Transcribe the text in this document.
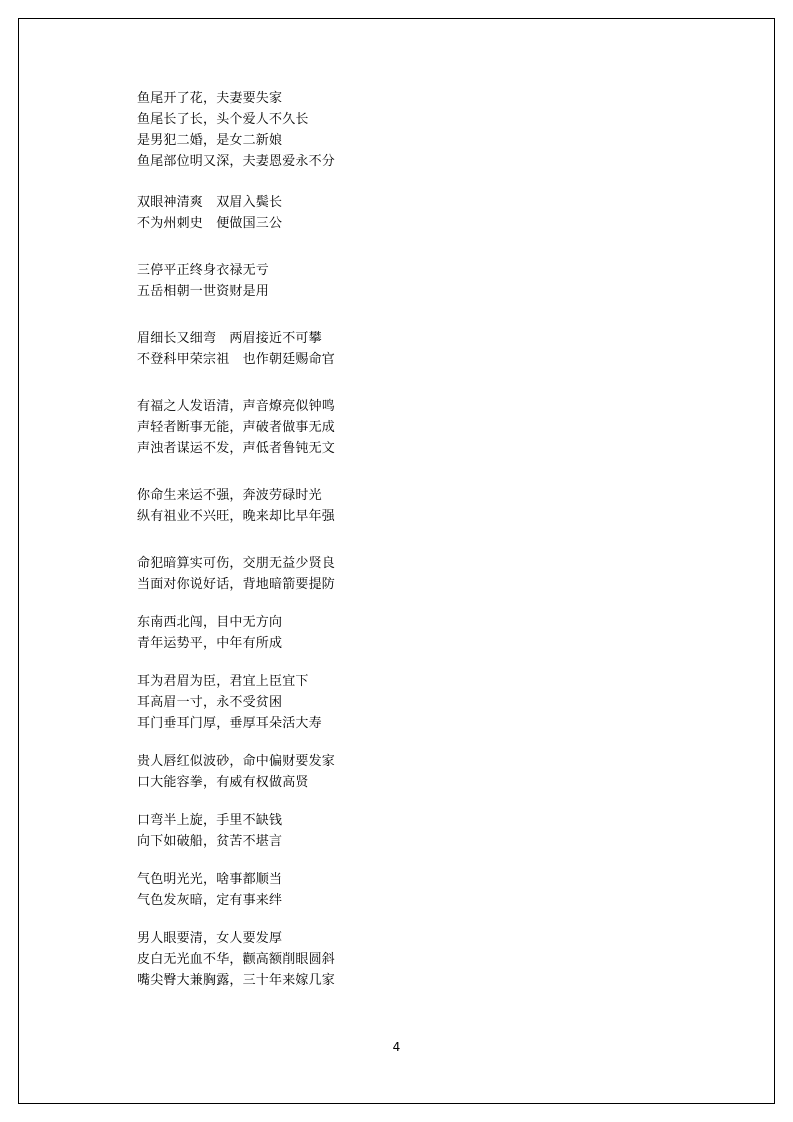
鱼尾开了花，夫妻要失家
鱼尾长了长，头个爱人不久长
是男犯二婚，是女二新娘
鱼尾部位明又深，夫妻恩爱永不分
双眼神清爽　双眉入鬓长
不为州刺史　便做国三公
三停平正终身衣禄无亏
五岳相朝一世资财是用
眉细长又细弯　两眉接近不可攀
不登科甲荣宗祖　也作朝廷赐命官
有福之人发语清，声音燎亮似钟鸣
声轻者断事无能，声破者做事无成
声浊者谋运不发，声低者鲁钝无文
你命生来运不强，奔波劳碌时光
纵有祖业不兴旺，晚来却比早年强
命犯暗算实可伤，交朋无益少贤良
当面对你说好话，背地暗箭要提防
东南西北闯，目中无方向
青年运势平，中年有所成
耳为君眉为臣，君宜上臣宜下
耳高眉一寸，永不受贫困
耳门垂耳门厚，垂厚耳朵活大寿
贵人唇红似波砂，命中偏财要发家
口大能容拳，有威有权做高贤
口弯半上旋，手里不缺钱
向下如破船，贫苦不堪言
气色明光光，啥事都顺当
气色发灰暗，定有事来绊
男人眼要清，女人要发厚
皮白无光血不华，颧高额削眼圆斜
嘴尖臀大兼胸露，三十年来嫁几家
4
